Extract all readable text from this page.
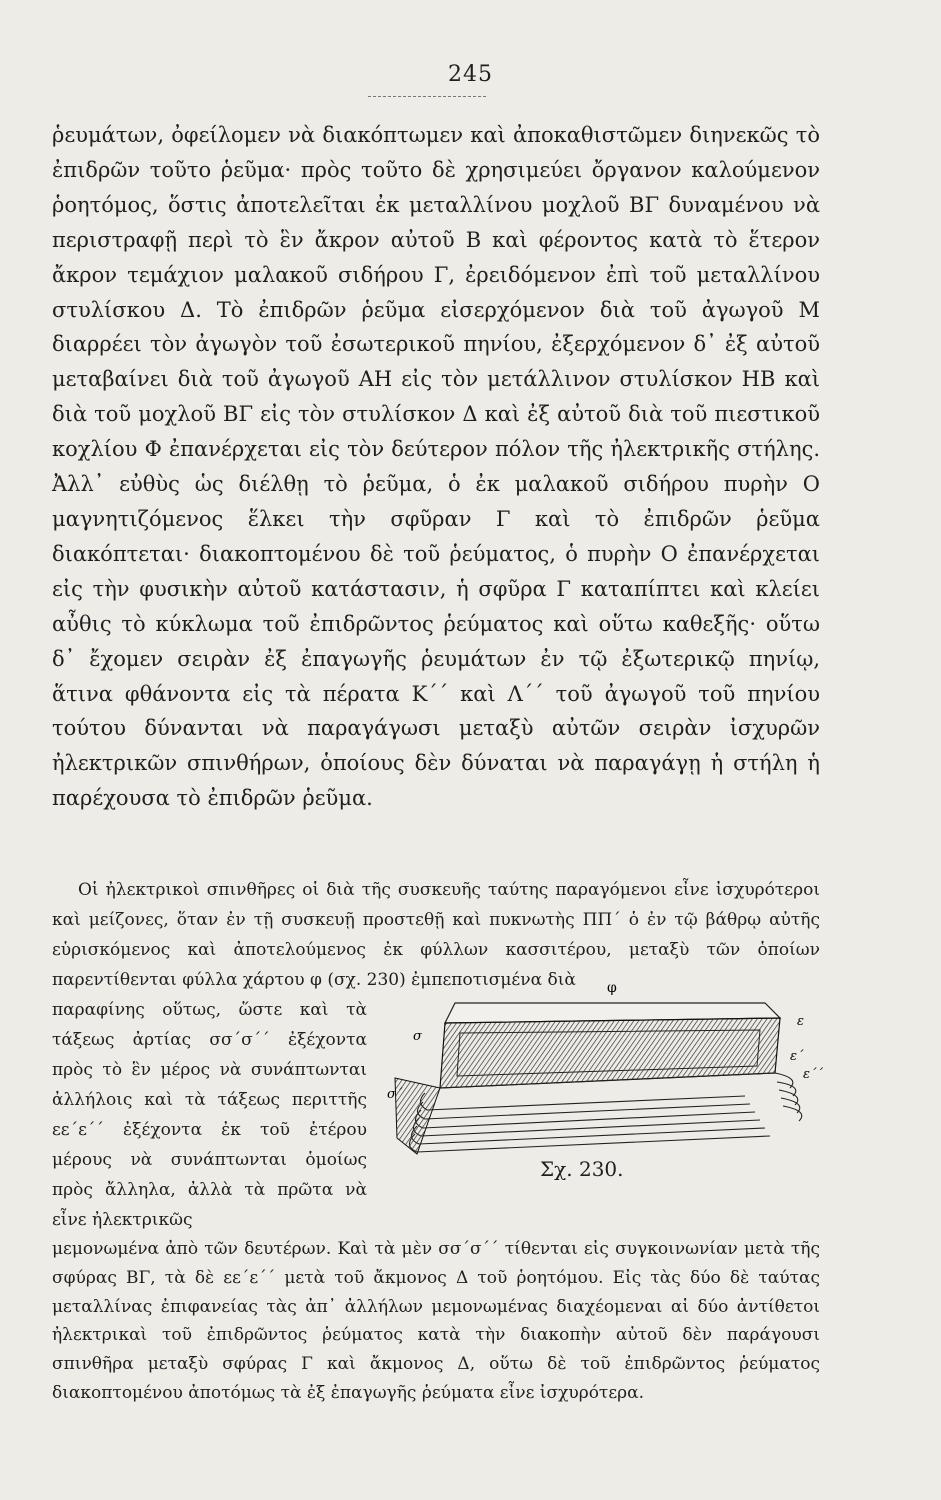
245

ῥευμάτων, ὀφείλομεν νὰ διακόπτωμεν καὶ ἀποκαθιστῶμεν διηνεκῶς τὸ ἐπιδρῶν τοῦτο ῥεῦμα· πρὸς τοῦτο δὲ χρησιμεύει ὄργανον καλούμενον ῥοητόμος, ὅστις ἀποτελεῖται ἐκ μεταλλίνου μοχλοῦ ΒΓ δυναμένου νὰ περιστραφῇ περὶ τὸ ἓν ἄκρον αὐτοῦ Β καὶ φέροντος κατὰ τὸ ἕτερον ἄκρον τεμάχιον μαλακοῦ σιδήρου Γ, ἐρειδόμενον ἐπὶ τοῦ μεταλλίνου στυλίσκου Δ. Τὸ ἐπιδρῶν ῥεῦμα εἰσερχόμενον διὰ τοῦ ἀγωγοῦ Μ διαρρέει τὸν ἀγωγὸν τοῦ ἐσωτερικοῦ πηνίου, ἐξερχόμενον δ᾽ ἐξ αὐτοῦ μεταβαίνει διὰ τοῦ ἀγωγοῦ ΑΗ εἰς τὸν μετάλλινον στυλίσκον ΗΒ καὶ διὰ τοῦ μοχλοῦ ΒΓ εἰς τὸν στυλίσκον Δ καὶ ἐξ αὐτοῦ διὰ τοῦ πιεστικοῦ κοχλίου Φ ἐπανέρχεται εἰς τὸν δεύτερον πόλον τῆς ἠλεκτρικῆς στήλης. Ἀλλ᾽ εὐθὺς ὡς διέλθῃ τὸ ῥεῦμα, ὁ ἐκ μαλακοῦ σιδήρου πυρὴν Ο μαγνητιζόμενος ἕλκει τὴν σφῦραν Γ καὶ τὸ ἐπιδρῶν ῥεῦμα διακόπτεται· διακοπτομένου δὲ τοῦ ῥεύματος, ὁ πυρὴν Ο ἐπανέρχεται εἰς τὴν φυσικὴν αὐτοῦ κατάστασιν, ἡ σφῦρα Γ καταπίπτει καὶ κλείει αὖθις τὸ κύκλωμα τοῦ ἐπιδρῶντος ῥεύματος καὶ οὕτω καθεξῆς· οὕτω δ᾽ ἔχομεν σειρὰν ἐξ ἐπαγωγῆς ῥευμάτων ἐν τῷ ἐξωτερικῷ πηνίῳ, ἅτινα φθάνοντα εἰς τὰ πέρατα Κ΄΄ καὶ Λ΄΄ τοῦ ἀγωγοῦ τοῦ πηνίου τούτου δύνανται νὰ παραγάγωσι μεταξὺ αὐτῶν σειρὰν ἰσχυρῶν ἠλεκτρικῶν σπινθήρων, ὁποίους δὲν δύναται νὰ παραγάγῃ ἡ στήλη ἡ παρέχουσα τὸ ἐπιδρῶν ῥεῦμα.

Οἱ ἠλεκτρικοὶ σπινθῆρες οἱ διὰ τῆς συσκευῆς ταύτης παραγόμενοι εἶνε ἰσχυρότεροι καὶ μείζονες, ὅταν ἐν τῇ συσκευῇ προστεθῇ καὶ πυκνωτὴς ΠΠ΄ ὁ ἐν τῷ βάθρῳ αὐτῆς εὑρισκόμενος καὶ ἀποτελούμενος ἐκ φύλλων κασσιτέρου, μεταξὺ τῶν ὁποίων παρεντίθενται φύλλα χάρτου φ (σχ. 230) ἐμπεποτισμένα διὰ

παραφίνης οὕτως, ὥστε καὶ τὰ τάξεως ἀρτίας σσ΄σ΄΄ ἐξέχοντα πρὸς τὸ ἓν μέρος νὰ συνάπτωνται ἀλλήλοις καὶ τὰ τάξεως περιττῆς εε΄ε΄΄ ἐξέχοντα ἐκ τοῦ ἑτέρου μέρους νὰ συνάπτωνται ὁμοίως πρὸς ἄλληλα, ἀλλὰ τὰ πρῶτα νὰ εἶνε ἠλεκτρικῶς

φ
σ
ε
ε΄
σ΄
ε΄΄
Σχ. 230.

μεμονωμένα ἀπὸ τῶν δευτέρων. Καὶ τὰ μὲν σσ΄σ΄΄ τίθενται εἰς συγκοινωνίαν μετὰ τῆς σφύρας ΒΓ, τὰ δὲ εε΄ε΄΄ μετὰ τοῦ ἄκμονος Δ τοῦ ῥοητόμου. Εἰς τὰς δύο δὲ ταύτας μεταλλίνας ἐπιφανείας τὰς ἀπ᾽ ἀλλήλων μεμονωμένας διαχέομεναι αἱ δύο ἀντίθετοι ἠλεκτρικαὶ τοῦ ἐπιδρῶντος ῥεύματος κατὰ τὴν διακοπὴν αὐτοῦ δὲν παράγουσι σπινθῆρα μεταξὺ σφύρας Γ καὶ ἄκμονος Δ, οὕτω δὲ τοῦ ἐπιδρῶντος ῥεύματος διακοπτομένου ἀποτόμως τὰ ἐξ ἐπαγωγῆς ῥεύματα εἶνε ἰσχυρότερα.
